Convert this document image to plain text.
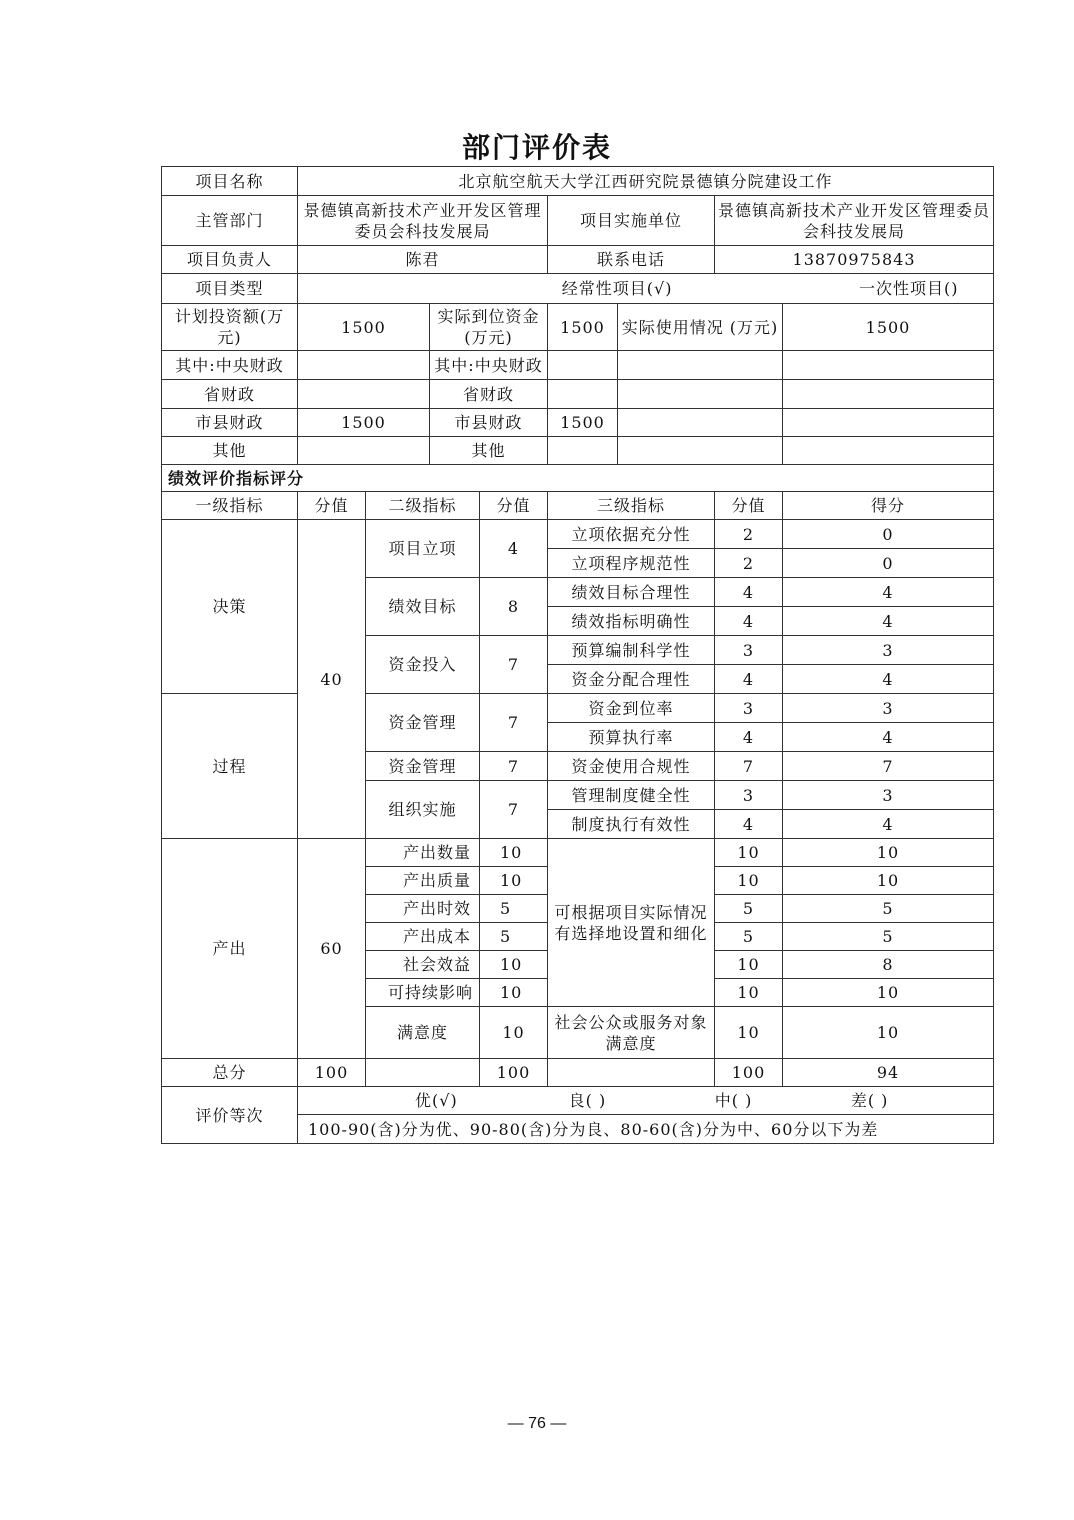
部门评价表
项目名称	北京航空航天大学江西研究院景德镇分院建设工作							
主管部门	景德镇高新技术产业开发区管理委员会科技发展局				项目实施单位		景德镇高新技术产业开发区管理委员会科技发展局	
项目负责人	陈君				联系电话		13870975843	
项目类型	经常性项目(√) 一次性项目()							
计划投资额(万元)	1500		实际到位资金(万元)		1500	实际使用情况 (万元)		1500
其中:中央财政			其中:中央财政					
省财政			省财政					
市县财政	1500		市县财政		1500			
其他			其他					
绩效评价指标评分								
一级指标	分值	二级指标		分值	三级指标		分值	得分
决策	40	项目立项		4	立项依据充分性		2	0
					立项程序规范性		2	0
		绩效目标		8	绩效目标合理性		4	4
					绩效指标明确性		4	4
		资金投入		7	预算编制科学性		3	3
					资金分配合理性		4	4
过程		资金管理		7	资金到位率		3	3
					预算执行率		4	4
		资金管理		7	资金使用合规性		7	7
		组织实施		7	管理制度健全性		3	3
					制度执行有效性		4	4
产出	60	产出数量		10	可根据项目实际情况有选择地设置和细化		10	10
		产出质量		10			10	10
		产出时效		5			5	5
		产出成本		5			5	5
		社会效益		10			10	8
		可持续影响		10			10	10
		满意度		10	社会公众或服务对象满意度		10	10
总分	100			100			100	94
评价等次	优(√) 良( ) 中( ) 差( )							
	100-90(含)分为优、90-80(含)分为良、80-60(含)分为中、60分以下为差							
— 76 —
